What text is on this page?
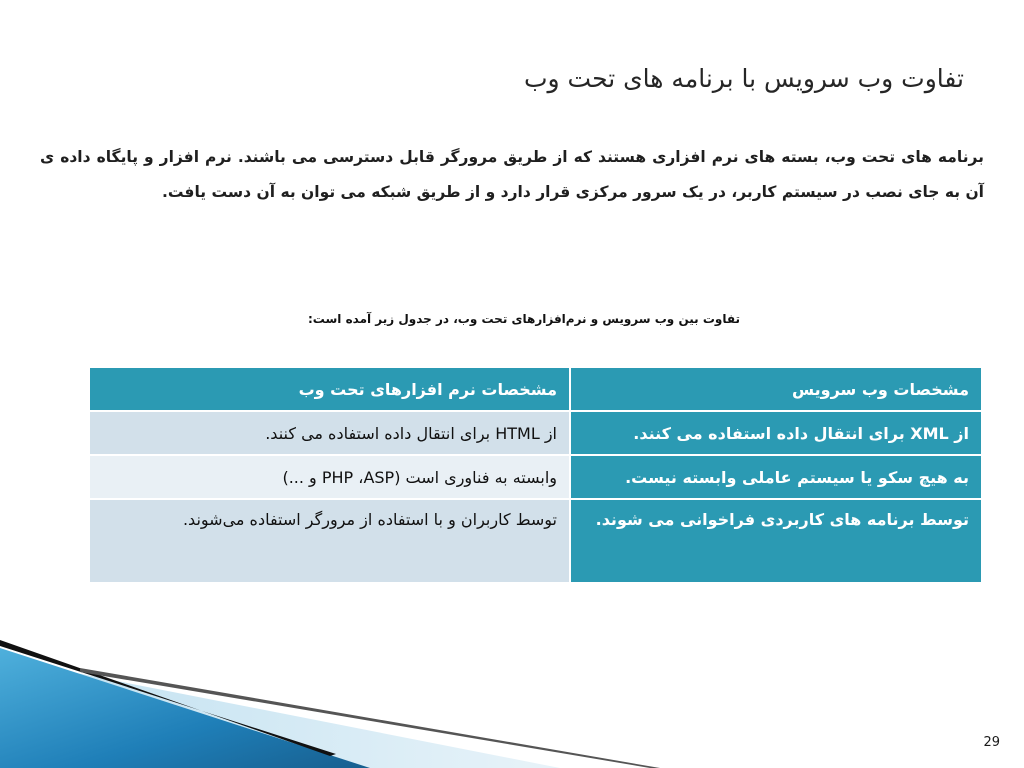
تفاوت وب سرویس با برنامه های تحت وب
برنامه های تحت وب، بسته های نرم افزاری هستند که از طریق مرورگر قابل دسترسی می باشند. نرم افزار و پایگاه داده ی آن به جای نصب در سیستم کاربر، در یک سرور مرکزی قرار دارد و از طریق شبکه می توان به آن دست یافت.
تفاوت بین وب سرویس و نرم‌افزارهای تحت وب، در جدول زیر آمده است:
مشخصات وب سرویس	مشخصات نرم افزارهای تحت وب
از XML برای انتقال داده استفاده می کنند.	از HTML برای انتقال داده استفاده می کنند.
به هیچ سکو یا سیستم عاملی وابسته نیست.	وابسته به فناوری است (PHP ،ASP و ...)
توسط برنامه های کاربردی فراخوانی می شوند.	توسط کاربران و با استفاده از مرورگر استفاده می‌شوند.
29
